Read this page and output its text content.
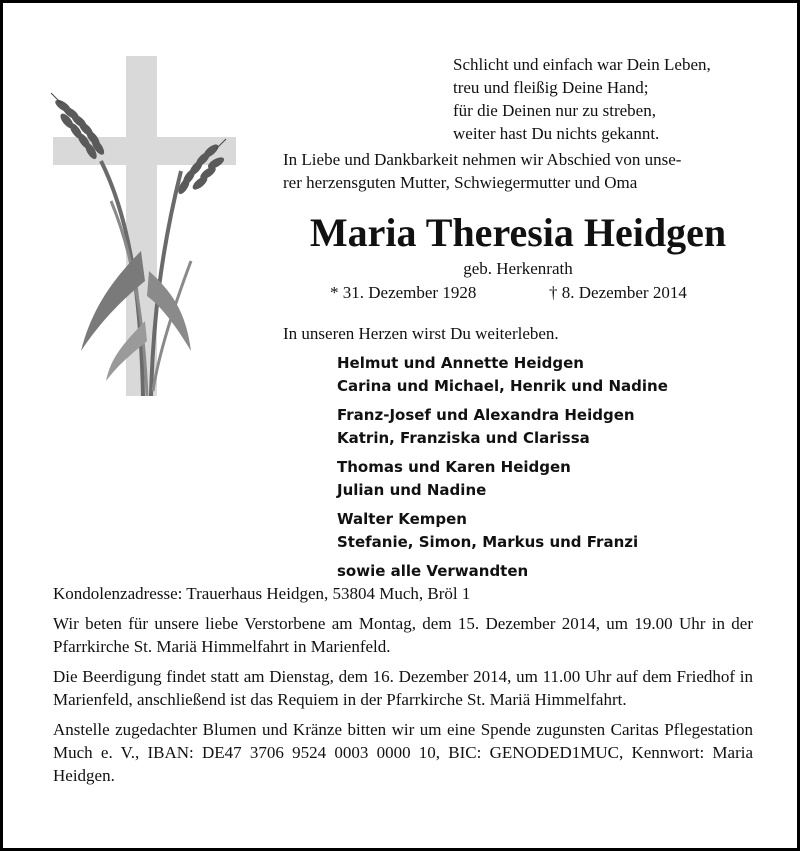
Schlicht und einfach war Dein Leben,
treu und fleißig Deine Hand;
für die Deinen nur zu streben,
weiter hast Du nichts gekannt.
In Liebe und Dankbarkeit nehmen wir Abschied von unse-
rer herzensguten Mutter, Schwiegermutter und Oma
Maria Theresia Heidgen
geb. Herkenrath
* 31. Dezember 1928	† 8. Dezember 2014
In unseren Herzen wirst Du weiterleben.
Helmut und Annette Heidgen
Carina und Michael, Henrik und Nadine
Franz-Josef und Alexandra Heidgen
Katrin, Franziska und Clarissa
Thomas und Karen Heidgen
Julian und Nadine
Walter Kempen
Stefanie, Simon, Markus und Franzi
sowie alle Verwandten

Kondolenzadresse: Trauerhaus Heidgen, 53804 Much, Bröl 1

Wir beten für unsere liebe Verstorbene am Montag, dem 15. Dezember 2014, um 19.00 Uhr in der Pfarrkirche St. Mariä Himmelfahrt in Marienfeld.

Die Beerdigung findet statt am Dienstag, dem 16. Dezember 2014, um 11.00 Uhr auf dem Friedhof in Marienfeld, anschließend ist das Requiem in der Pfarrkirche St. Mariä Himmelfahrt.

Anstelle zugedachter Blumen und Kränze bitten wir um eine Spende zugunsten Caritas Pflegestation Much e. V., IBAN: DE47 3706 9524 0003 0000 10, BIC: GENODED1MUC, Kennwort: Maria Heidgen.
